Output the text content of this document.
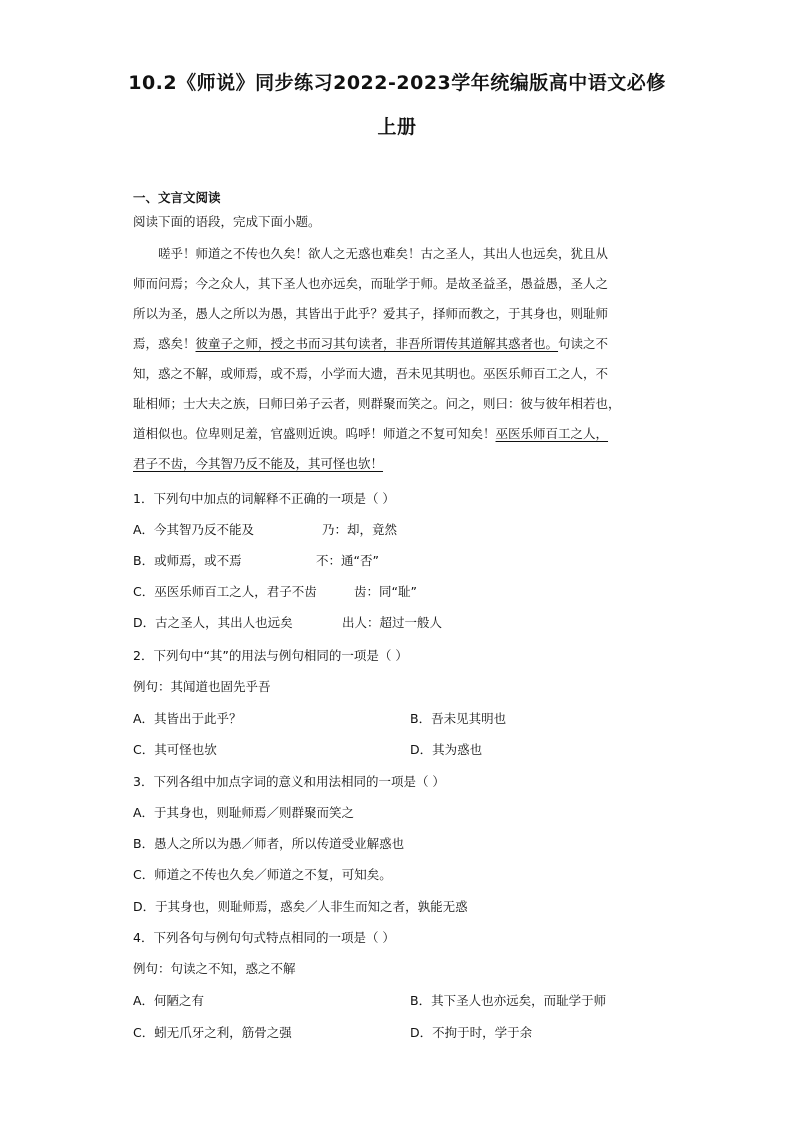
10.2《师说》同步练习2022-2023学年统编版高中语文必修
上册
一、文言文阅读
阅读下面的语段，完成下面小题。
嗟乎！师道之不传也久矣！欲人之无惑也难矣！古之圣人，其出人也远矣，犹且从
师而问焉；今之众人，其下圣人也亦远矣，而耻学于师。是故圣益圣，愚益愚，圣人之
所以为圣，愚人之所以为愚，其皆出于此乎？爱其子，择师而教之，于其身也，则耻师
焉，惑矣！彼童子之师，授之书而习其句读者，非吾所谓传其道解其惑者也。句读之不
知，惑之不解，或师焉，或不焉，小学而大遗，吾未见其明也。巫医乐师百工之人，不
耻相师；士大夫之族，曰师曰弟子云者，则群聚而笑之。问之，则曰：彼与彼年相若也，
道相似也。位卑则足羞，官盛则近谀。呜呼！师道之不复可知矣！巫医乐师百工之人，
君子不齿，今其智乃反不能及，其可怪也欤！
1．下列句中加点的词解释不正确的一项是（ ）
A．今其智乃反不能及	乃：却，竟然
B．或师焉，或不焉	不：通“否”
C．巫医乐师百工之人，君子不齿	齿：同“耻”
D．古之圣人，其出人也远矣	出人：超过一般人
2．下列句中“其”的用法与例句相同的一项是（ ）
例句：其闻道也固先乎吾
A．其皆出于此乎？	B．吾未见其明也
C．其可怪也欤	D．其为惑也
3．下列各组中加点字词的意义和用法相同的一项是（ ）
A．于其身也，则耻师焉／则群聚而笑之
B．愚人之所以为愚／师者，所以传道受业解惑也
C．师道之不传也久矣／师道之不复，可知矣。
D．于其身也，则耻师焉，惑矣／人非生而知之者，孰能无惑
4．下列各句与例句句式特点相同的一项是（ ）
例句：句读之不知，惑之不解
A．何陋之有	B．其下圣人也亦远矣，而耻学于师
C．蚓无爪牙之利，筋骨之强	D．不拘于时，学于余
